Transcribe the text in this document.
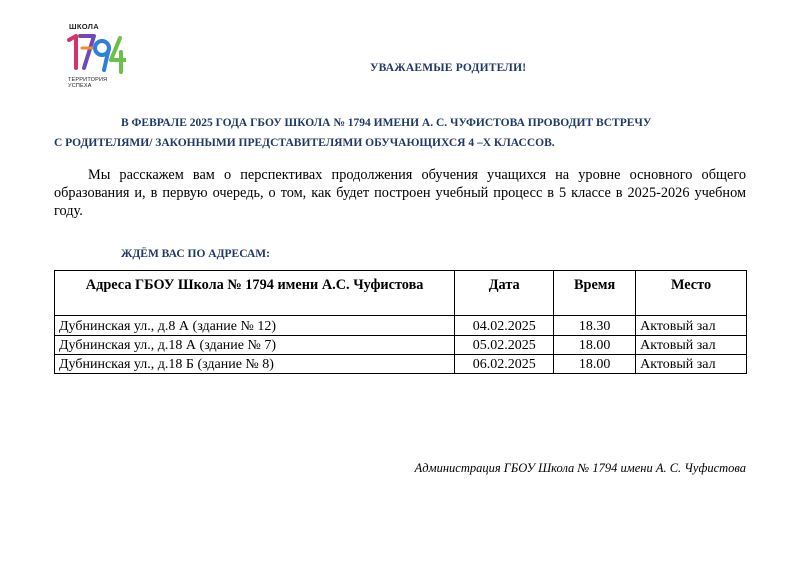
ШКОЛА
ТЕРРИТОРИЯ
УСПЕХА
УВАЖАЕМЫЕ РОДИТЕЛИ!
В ФЕВРАЛЕ 2025 ГОДА ГБОУ ШКОЛА № 1794 ИМЕНИ А. С. ЧУФИСТОВА ПРОВОДИТ ВСТРЕЧУ
С РОДИТЕЛЯМИ/ ЗАКОННЫМИ ПРЕДСТАВИТЕЛЯМИ ОБУЧАЮЩИХСЯ 4 –Х КЛАССОВ.
Мы расскажем вам о перспективах продолжения обучения учащихся на уровне основного общего образования и, в первую очередь, о том, как будет построен учебный процесс в 5 классе в 2025-2026 учебном году.
ЖДЁМ ВАС ПО АДРЕСАМ:
Адреса ГБОУ Школа № 1794 имени А.С. Чуфистова	Дата	Время	Место
Дубнинская ул., д.8 А (здание № 12)	04.02.2025	18.30	Актовый зал
Дубнинская ул., д.18 А (здание № 7)	05.02.2025	18.00	Актовый зал
Дубнинская ул., д.18 Б (здание № 8)	06.02.2025	18.00	Актовый зал
Администрация ГБОУ Школа № 1794 имени А. С. Чуфистова
